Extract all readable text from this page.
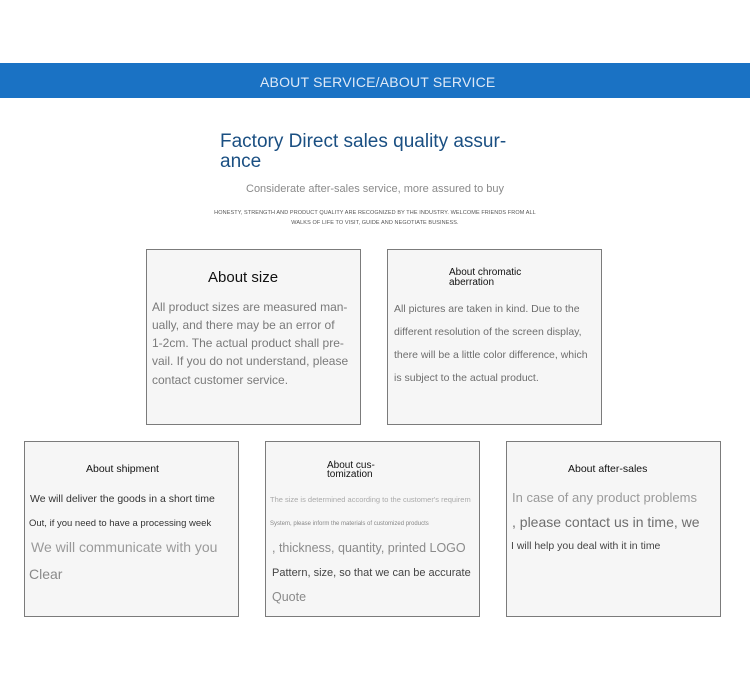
ABOUT SERVICE/ABOUT SERVICE
Factory Direct sales quality assur-
ance
Considerate after-sales service, more assured to buy
HONESTY, STRENGTH AND PRODUCT QUALITY ARE RECOGNIZED BY THE INDUSTRY. WELCOME FRIENDS FROM ALL
WALKS OF LIFE TO VISIT, GUIDE AND NEGOTIATE BUSINESS.
About size
All product sizes are measured man-
ually, and there may be an error of
1-2cm. The actual product shall pre-
vail. If you do not understand, please
contact customer service.
About chromatic
aberration
All pictures are taken in kind. Due to the
different resolution of the screen display,
there will be a little color difference, which
is subject to the actual product.
About shipment
We will deliver the goods in a short time
Out, if you need to have a processing week
We will communicate with you
Clear
About cus-
tomization
The size is determined according to the customer's requirem
System, please inform the materials of customized products
, thickness, quantity, printed LOGO
Pattern, size, so that we can be accurate
Quote
About after-sales
In case of any product problems
, please contact us in time, we
I will help you deal with it in time
